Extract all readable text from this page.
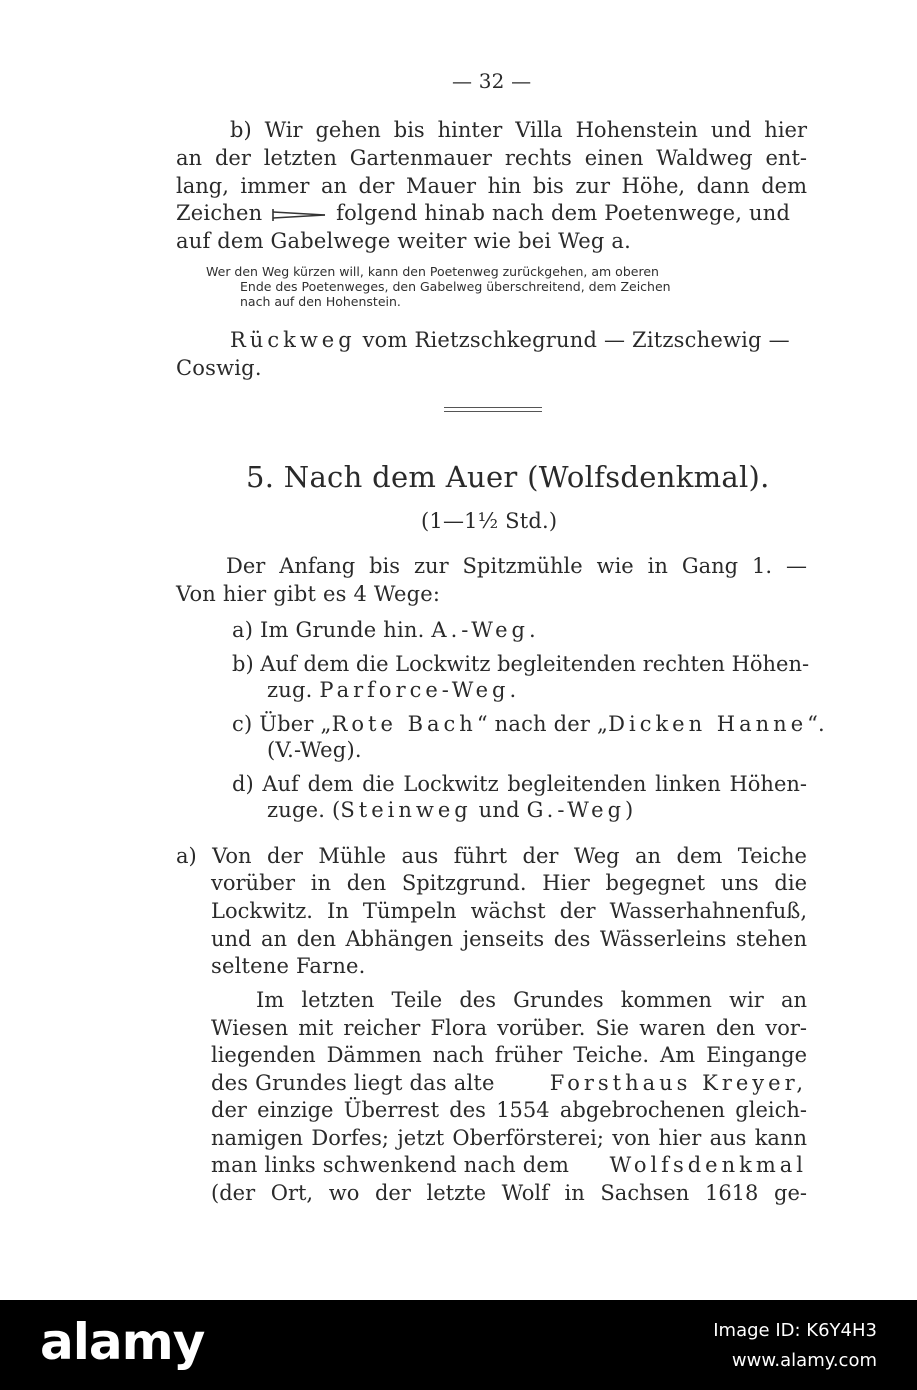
— 32 —
b) Wir gehen bis hinter Villa Hohenstein und hier
an der letzten Gartenmauer rechts einen Waldweg ent-
lang, immer an der Mauer hin bis zur Höhe, dann dem
Zeichen	folgend hinab nach dem Poetenwege, und
auf dem Gabelwege weiter wie bei Weg a.
Wer den Weg kürzen will, kann den Poetenweg zurückgehen, am oberen
Ende des Poetenweges, den Gabelweg überschreitend, dem Zeichen
nach auf den Hohenstein.
Rückweg vom Rietzschkegrund — Zitzschewig —
Coswig.
5. Nach dem Auer (Wolfsdenkmal).
(1—1½ Std.)
Der Anfang bis zur Spitzmühle wie in Gang 1. —
Von hier gibt es 4 Wege:
a) Im Grunde hin. A.-Weg.
b) Auf dem die Lockwitz begleitenden rechten Höhen-
zug. Parforce-Weg.
c) Über „Rote Bach“ nach der „Dicken Hanne“.
(V.-Weg).
d) Auf dem die Lockwitz begleitenden linken Höhen-
zuge. (Steinweg und G.-Weg)
a) Von der Mühle aus führt der Weg an dem Teiche
vorüber in den Spitzgrund. Hier begegnet uns die
Lockwitz. In Tümpeln wächst der Wasserhahnenfuß,
und an den Abhängen jenseits des Wässerleins stehen
seltene Farne.
Im letzten Teile des Grundes kommen wir an
Wiesen mit reicher Flora vorüber. Sie waren den vor-
liegenden Dämmen nach früher Teiche. Am Eingange
des Grundes liegt das alte	Forsthaus Kreyer,
der einzige Überrest des 1554 abgebrochenen gleich-
namigen Dorfes; jetzt Oberförsterei; von hier aus kann
man links schwenkend nach dem Wolfsdenkmal
(der Ort, wo der letzte Wolf in Sachsen 1618 ge-
alamy	Image ID: K6Y4H3
www.alamy.com
